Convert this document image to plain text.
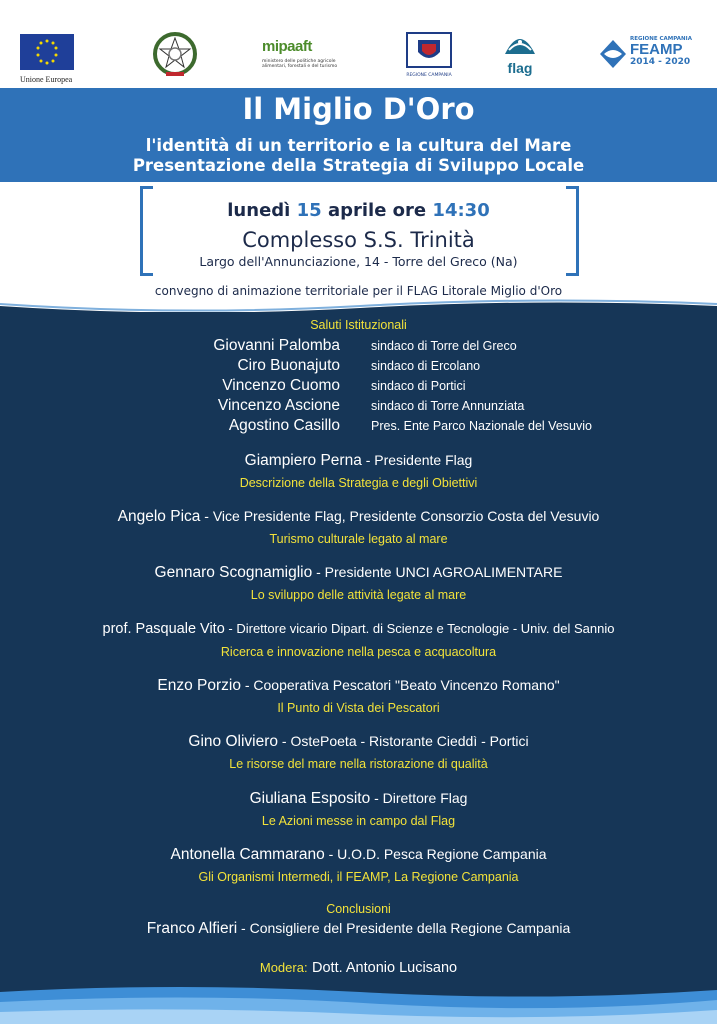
Unione Europea
mipaaft
ministero delle politiche agricole
alimentari, forestali e del turismo
REGIONE CAMPANIA	flag
REGIONE CAMPANIA
FEAMP
2014 - 2020
Il Miglio D'Oro
l'identità di un territorio e la cultura del Mare
Presentazione della Strategia di Sviluppo Locale
lunedì 15 aprile ore 14:30
Complesso S.S. Trinità
Largo dell'Annunciazione, 14 - Torre del Greco (Na)
convegno di animazione territoriale per il FLAG Litorale Miglio d'Oro
Saluti Istituzionali
Giovanni Palomba sindaco di Torre del Greco
Ciro Buonajuto sindaco di Ercolano
Vincenzo Cuomo sindaco di Portici
Vincenzo Ascione sindaco di Torre Annunziata
Agostino Casillo Pres. Ente Parco Nazionale del Vesuvio
Giampiero Perna - Presidente Flag
Descrizione della Strategia e degli Obiettivi
Angelo Pica - Vice Presidente Flag, Presidente Consorzio Costa del Vesuvio
Turismo culturale legato al mare
Gennaro Scognamiglio - Presidente UNCI AGROALIMENTARE
Lo sviluppo delle attività legate al mare
prof. Pasquale Vito - Direttore vicario Dipart. di Scienze e Tecnologie - Univ. del Sannio
Ricerca e innovazione nella pesca e acquacoltura
Enzo Porzio - Cooperativa Pescatori "Beato Vincenzo Romano"
Il Punto di Vista dei Pescatori
Gino Oliviero - OstePoeta - Ristorante Cieddì - Portici
Le risorse del mare nella ristorazione di qualità
Giuliana Esposito - Direttore Flag
Le Azioni messe in campo dal Flag
Antonella Cammarano - U.O.D. Pesca Regione Campania
Gli Organismi Intermedi, il FEAMP, La Regione Campania
Conclusioni
Franco Alfieri - Consigliere del Presidente della Regione Campania
Modera: Dott. Antonio Lucisano
